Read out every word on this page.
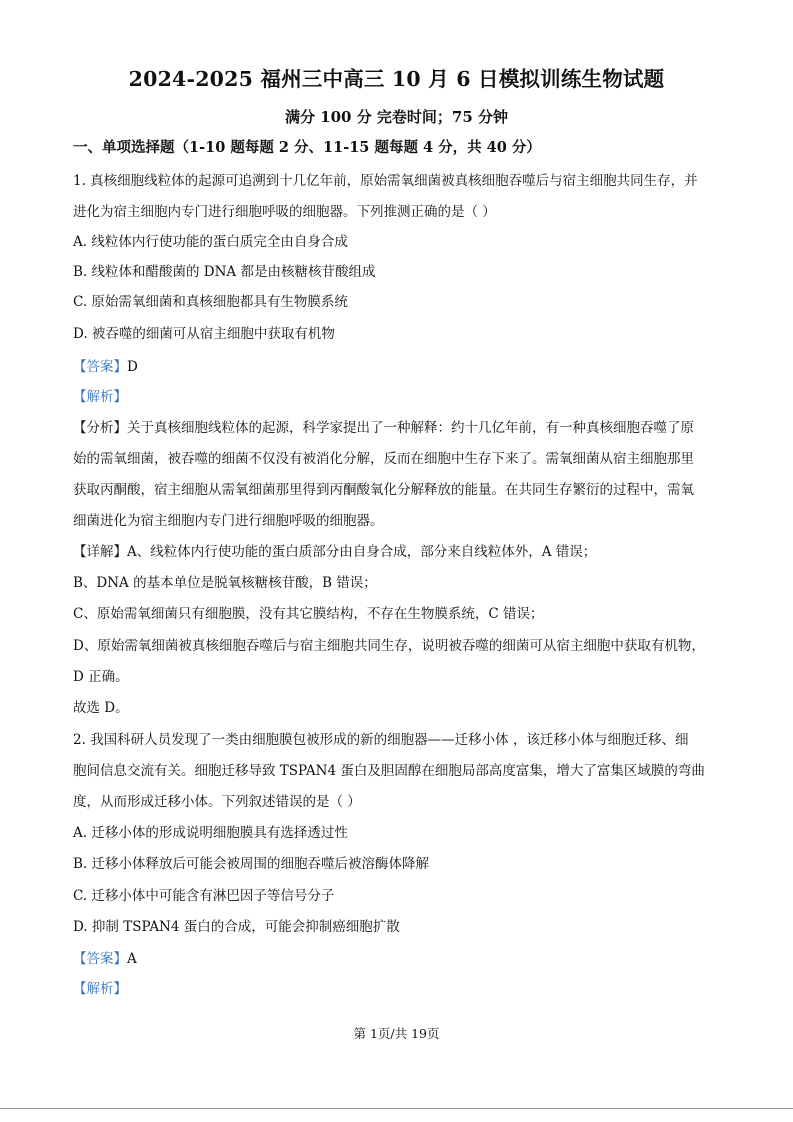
2024-2025 福州三中高三 10 月 6 日模拟训练生物试题
满分 100 分 完卷时间；75 分钟
一、单项选择题（1-10 题每题 2 分、11-15 题每题 4 分，共 40 分）
1. 真核细胞线粒体的起源可追溯到十几亿年前，原始需氧细菌被真核细胞吞噬后与宿主细胞共同生存，并
进化为宿主细胞内专门进行细胞呼吸的细胞器。下列推测正确的是（ ）
A. 线粒体内行使功能的蛋白质完全由自身合成
B. 线粒体和醋酸菌的 DNA 都是由核糖核苷酸组成
C. 原始需氧细菌和真核细胞都具有生物膜系统
D. 被吞噬的细菌可从宿主细胞中获取有机物
【答案】D
【解析】
【分析】关于真核细胞线粒体的起源，科学家提出了一种解释：约十几亿年前，有一种真核细胞吞噬了原
始的需氧细菌，被吞噬的细菌不仅没有被消化分解，反而在细胞中生存下来了。需氧细菌从宿主细胞那里
获取丙酮酸，宿主细胞从需氧细菌那里得到丙酮酸氧化分解释放的能量。在共同生存繁衍的过程中，需氧
细菌进化为宿主细胞内专门进行细胞呼吸的细胞器。
【详解】A、线粒体内行使功能的蛋白质部分由自身合成，部分来自线粒体外，A 错误；
B、DNA 的基本单位是脱氧核糖核苷酸，B 错误；
C、原始需氧细菌只有细胞膜，没有其它膜结构，不存在生物膜系统，C 错误；
D、原始需氧细菌被真核细胞吞噬后与宿主细胞共同生存，说明被吞噬的细菌可从宿主细胞中获取有机物，
D 正确。
故选 D。
2. 我国科研人员发现了一类由细胞膜包被形成的新的细胞器——迁移小体 ，该迁移小体与细胞迁移、细
胞间信息交流有关。细胞迁移导致 TSPAN4 蛋白及胆固醇在细胞局部高度富集，增大了富集区域膜的弯曲
度，从而形成迁移小体。下列叙述错误的是（ ）
A. 迁移小体的形成说明细胞膜具有选择透过性
B. 迁移小体释放后可能会被周围的细胞吞噬后被溶酶体降解
C. 迁移小体中可能含有淋巴因子等信号分子
D. 抑制 TSPAN4 蛋白的合成，可能会抑制癌细胞扩散
【答案】A
【解析】
第 1页/共 19页
